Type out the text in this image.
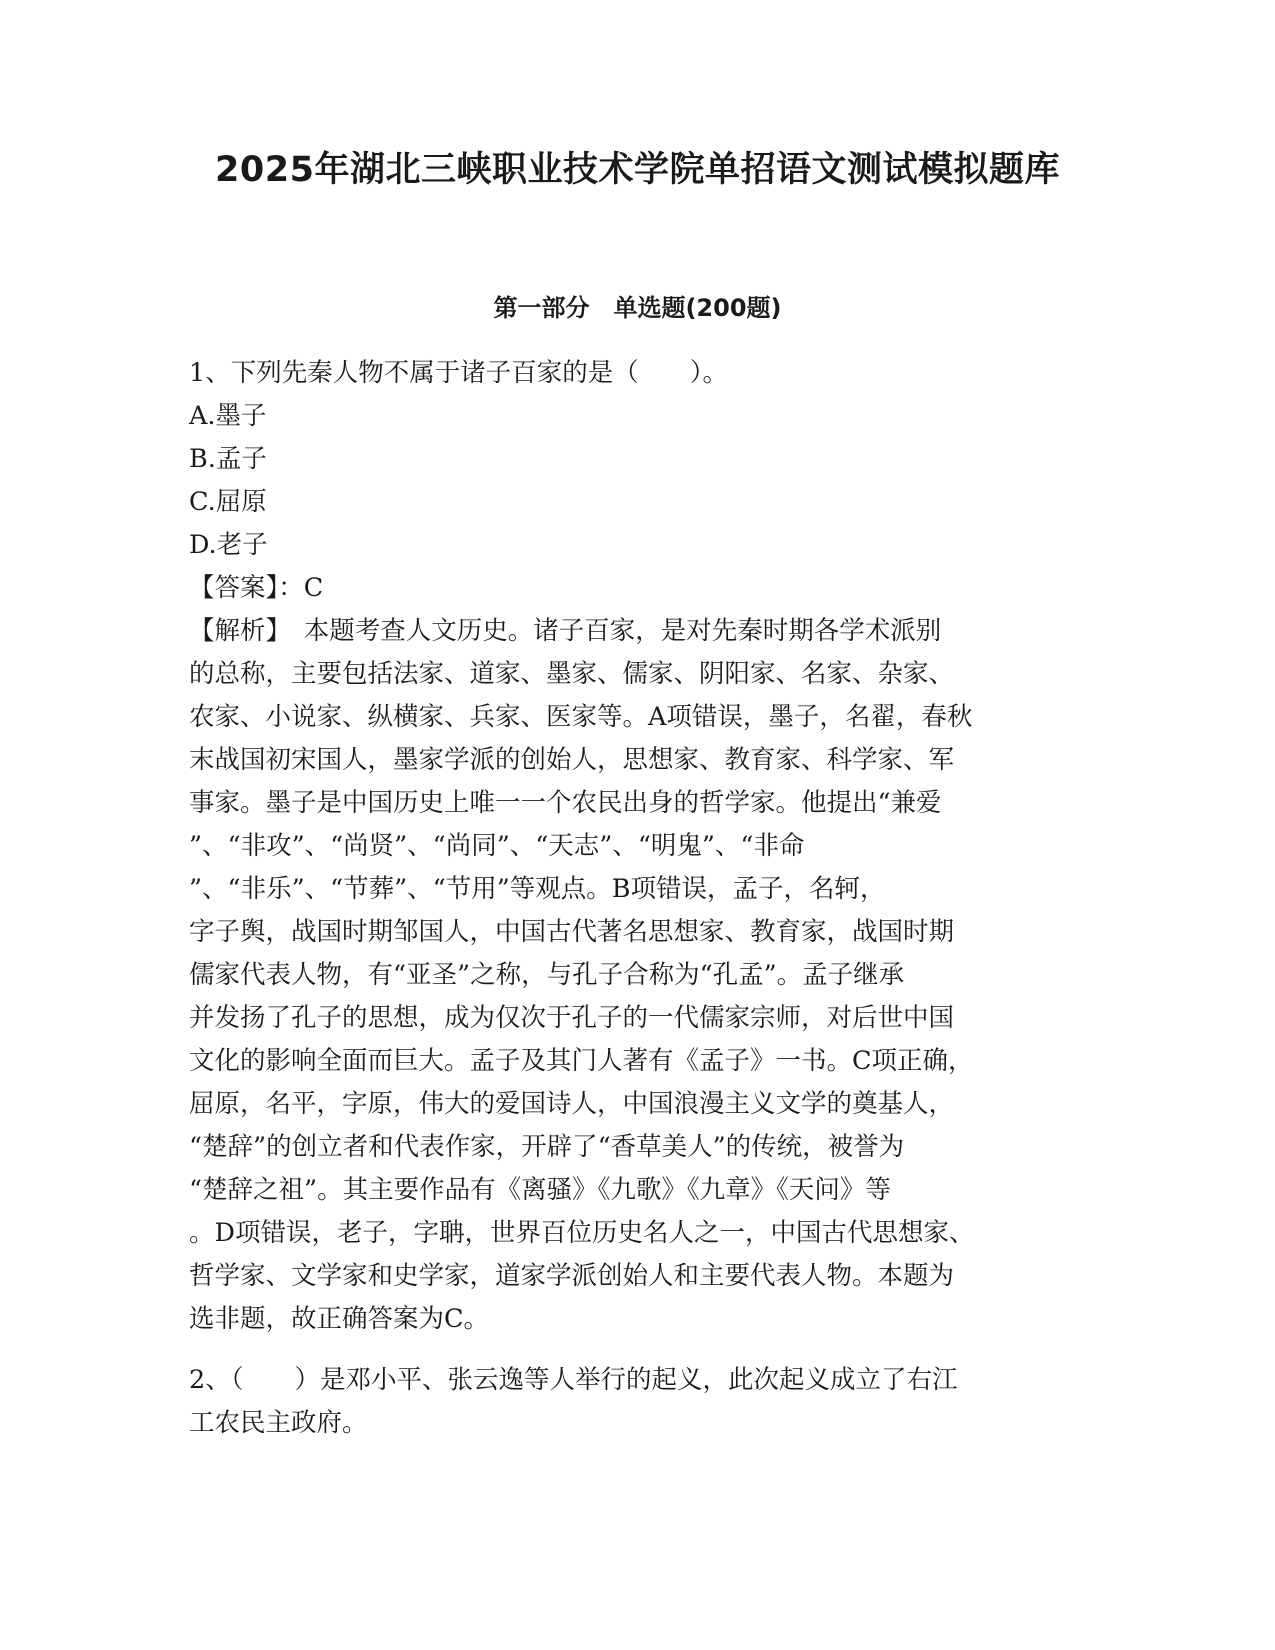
2025年湖北三峡职业技术学院单招语文测试模拟题库
第一部分　单选题(200题)
1、下列先秦人物不属于诸子百家的是（　　）。
A.墨子
B.孟子
C.屈原
D.老子
【答案】：C
【解析】　本题考查人文历史。诸子百家，是对先秦时期各学术派别
的总称，主要包括法家、道家、墨家、儒家、阴阳家、名家、杂家、
农家、小说家、纵横家、兵家、医家等。A项错误，墨子，名翟，春秋
末战国初宋国人，墨家学派的创始人，思想家、教育家、科学家、军
事家。墨子是中国历史上唯一一个农民出身的哲学家。他提出“兼爱
”、“非攻”、“尚贤”、“尚同”、“天志”、“明鬼”、“非命
”、“非乐”、“节葬”、“节用”等观点。B项错误，孟子，名轲，
字子舆，战国时期邹国人，中国古代著名思想家、教育家，战国时期
儒家代表人物，有“亚圣”之称，与孔子合称为“孔孟”。孟子继承
并发扬了孔子的思想，成为仅次于孔子的一代儒家宗师，对后世中国
文化的影响全面而巨大。孟子及其门人著有《孟子》一书。C项正确，
屈原，名平，字原，伟大的爱国诗人，中国浪漫主义文学的奠基人，
“楚辞”的创立者和代表作家，开辟了“香草美人”的传统，被誉为
“楚辞之祖”。其主要作品有《离骚》《九歌》《九章》《天问》等
。D项错误，老子，字聃，世界百位历史名人之一，中国古代思想家、
哲学家、文学家和史学家，道家学派创始人和主要代表人物。本题为
选非题，故正确答案为C。
2、（　　）是邓小平、张云逸等人举行的起义，此次起义成立了右江
工农民主政府。
